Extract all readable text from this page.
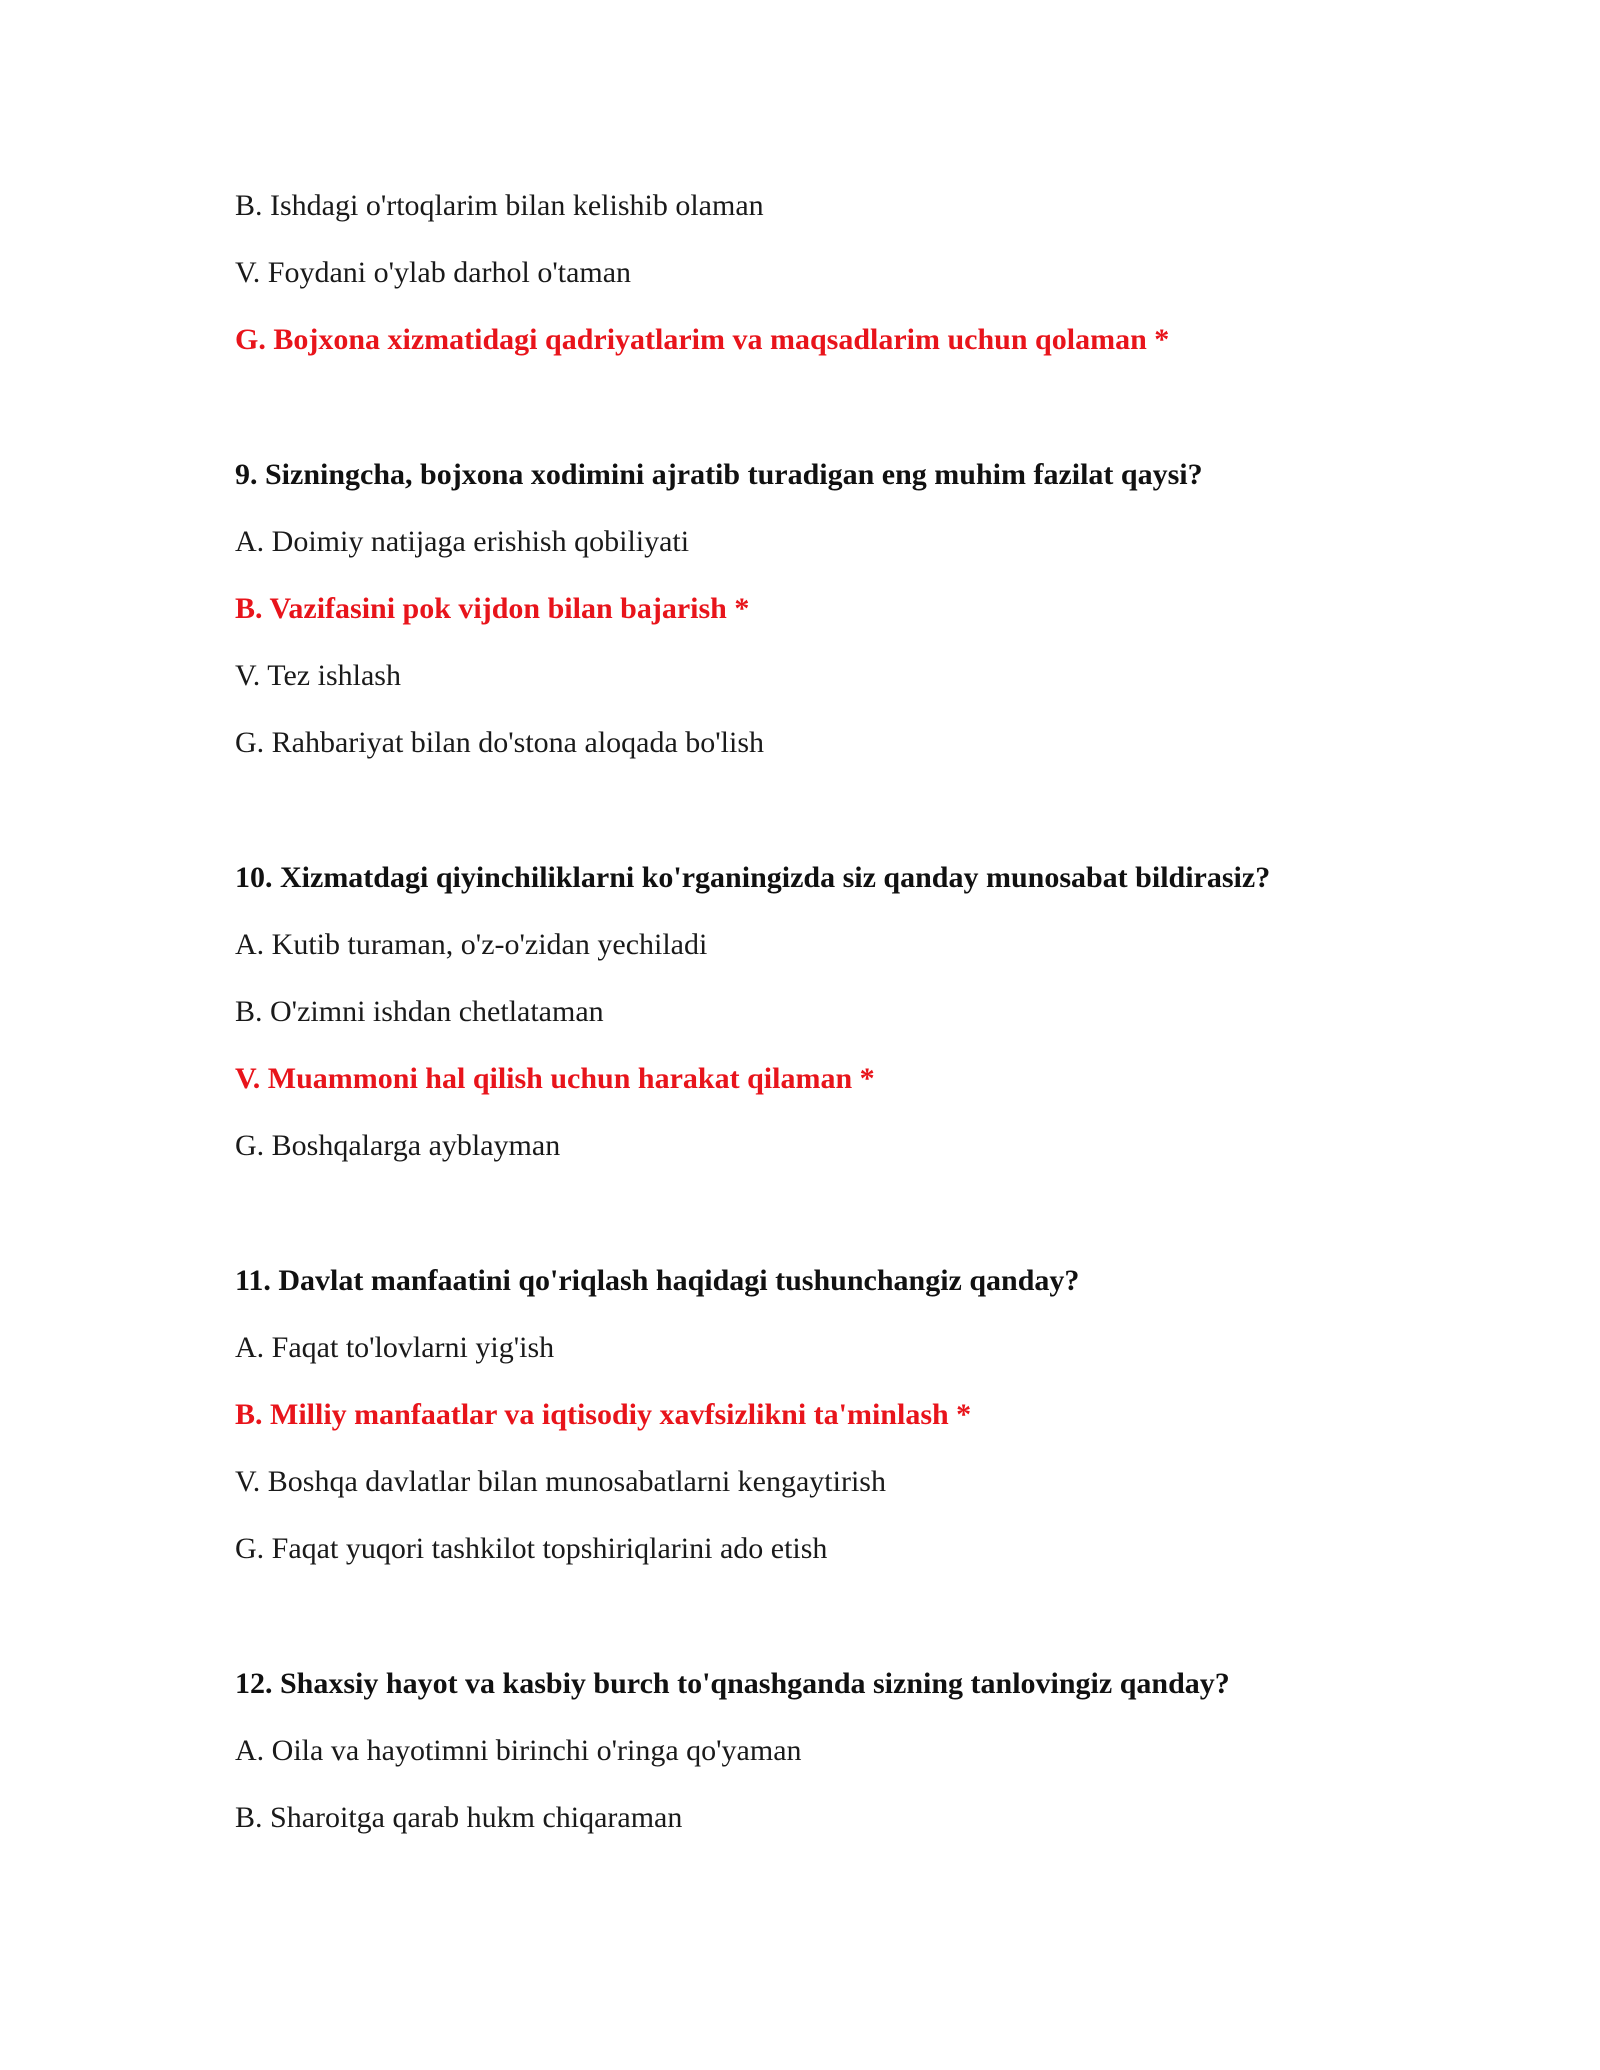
B. Ishdagi o'rtoqlarim bilan kelishib olaman
V. Foydani o'ylab darhol o'taman
G. Bojxona xizmatidagi qadriyatlarim va maqsadlarim uchun qolaman *
9. Sizningcha, bojxona xodimini ajratib turadigan eng muhim fazilat qaysi?
A. Doimiy natijaga erishish qobiliyati
B. Vazifasini pok vijdon bilan bajarish *
V. Tez ishlash
G. Rahbariyat bilan do'stona aloqada bo'lish
10. Xizmatdagi qiyinchiliklarni ko'rganingizda siz qanday munosabat bildirasiz?
A. Kutib turaman, o'z-o'zidan yechiladi
B. O'zimni ishdan chetlataman
V. Muammoni hal qilish uchun harakat qilaman *
G. Boshqalarga ayblayman
11. Davlat manfaatini qo'riqlash haqidagi tushunchangiz qanday?
A. Faqat to'lovlarni yig'ish
B. Milliy manfaatlar va iqtisodiy xavfsizlikni ta'minlash *
V. Boshqa davlatlar bilan munosabatlarni kengaytirish
G. Faqat yuqori tashkilot topshiriqlarini ado etish
12. Shaxsiy hayot va kasbiy burch to'qnashganda sizning tanlovingiz qanday?
A. Oila va hayotimni birinchi o'ringa qo'yaman
B. Sharoitga qarab hukm chiqaraman
